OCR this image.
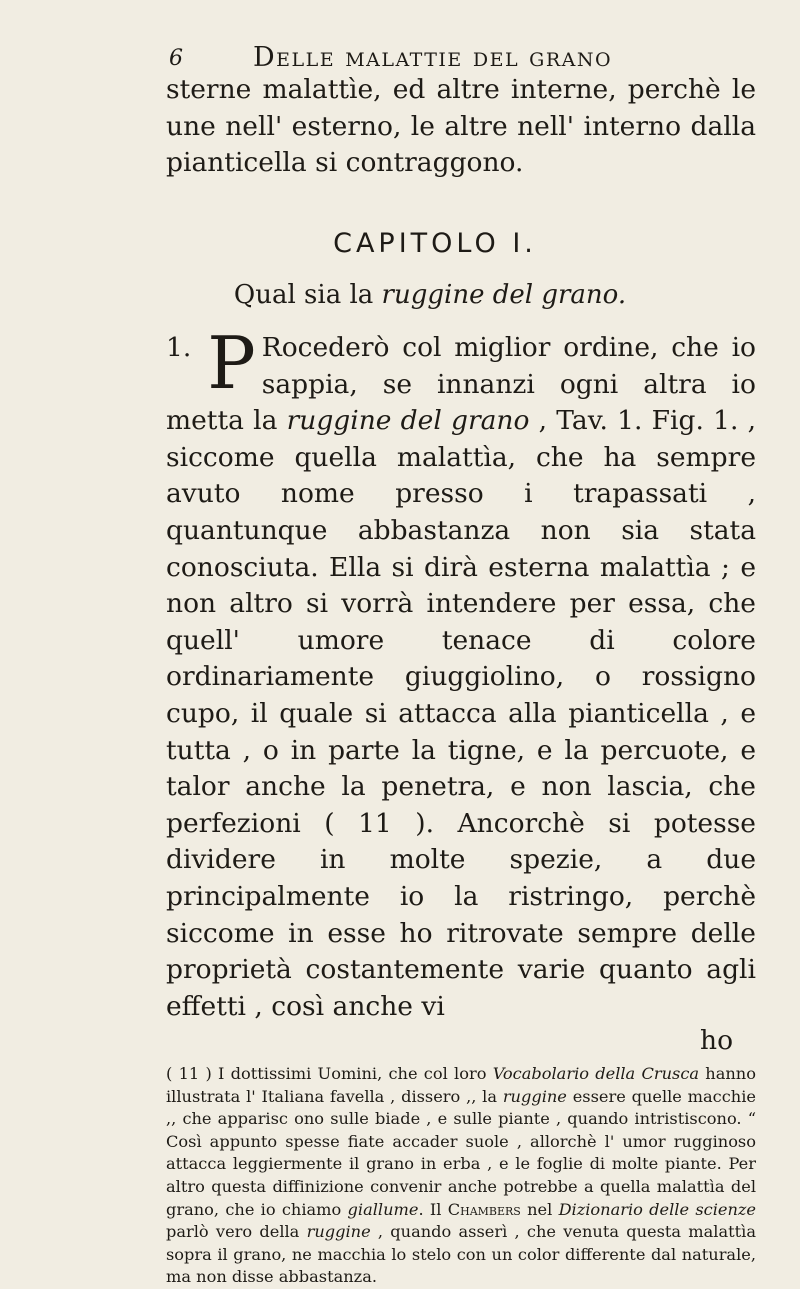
6	Delle malattie del grano
sterne malattìe, ed altre interne, perchè le une nell' esterno, le altre nell' interno dalla pianticella si contraggono.
CAPITOLO I.
Qual sia la ruggine del grano.
1. P Rocederò col miglior ordine, che io sappia, se innanzi ogni altra io metta la ruggine del grano , Tav. 1. Fig. 1. , siccome quella malattìa, che ha sempre avuto nome presso i trapassati , quantunque abbastanza non sia stata conosciuta. Ella si dirà esterna malattìa ; e non altro si vorrà intendere per essa, che quell' umore tenace di colore ordinariamente giuggiolino, o rossigno cupo, il quale si attacca alla pianticella , e tutta , o in parte la tigne, e la percuote, e talor anche la penetra, e non lascia, che perfezioni ( 11 ). Ancorchè si potesse dividere in molte spezie, a due principalmente io la ristringo, perchè siccome in esse ho ritrovate sempre delle proprietà costantemente varie quanto agli effetti , così anche vi
ho
( 11 ) I dottissimi Uomini, che col loro Vocabolario della Crusca hanno illustrata l' Italiana favella , dissero ,, la ruggine essere quelle macchie ,, che apparisc ono sulle biade , e sulle piante , quando intristiscono. “ Così appunto spesse fiate accader suole , allorchè l' umor rugginoso attacca leggiermente il grano in erba , e le foglie di molte piante. Per altro questa diffinizione convenir anche potrebbe a quella malattìa del grano, che io chiamo giallume. Il Chambers nel Dizionario delle scienze parlò vero della ruggine , quando asserì , che venuta questa malattìa sopra il grano, ne macchia lo stelo con un color differente dal naturale, ma non disse abbastanza.
